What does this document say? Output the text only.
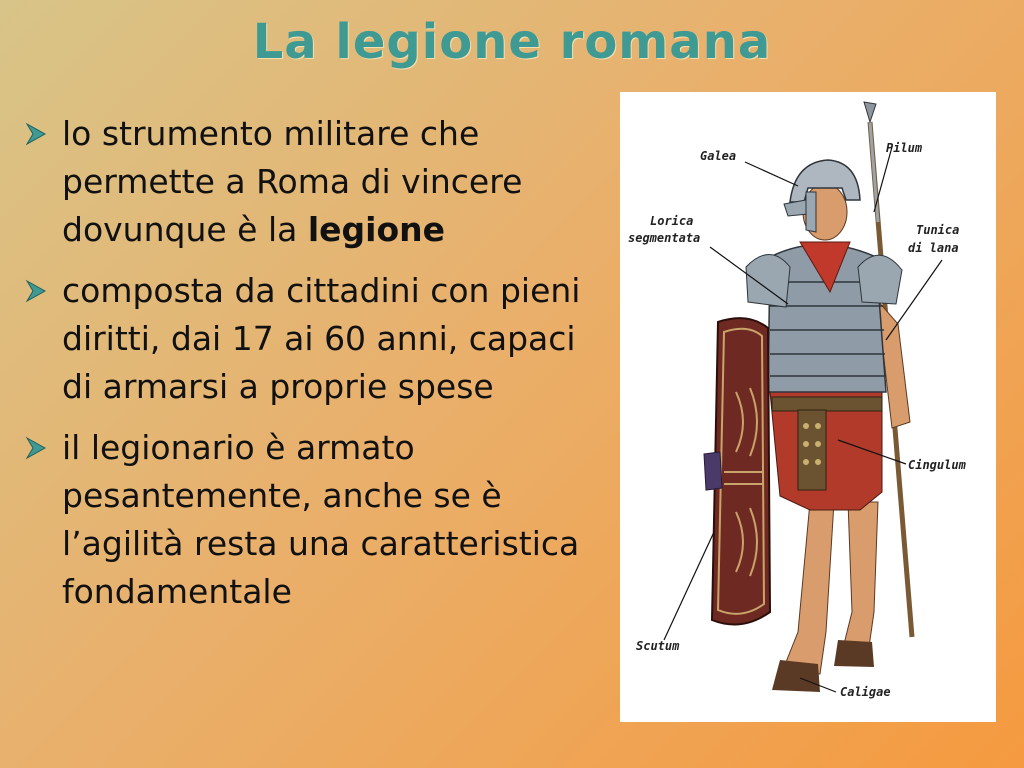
La legione romana
lo strumento militare che permette a Roma di vincere dovunque è la legione
composta da cittadini con pieni diritti, dai 17 ai 60 anni, capaci di armarsi a proprie spese
il legionario è armato pesantemente, anche se è l’agilità resta una caratteristica fondamentale
Galea
Pilum
Lorica
segmentata
Tunica
di lana
Cingulum
Scutum
Caligae
